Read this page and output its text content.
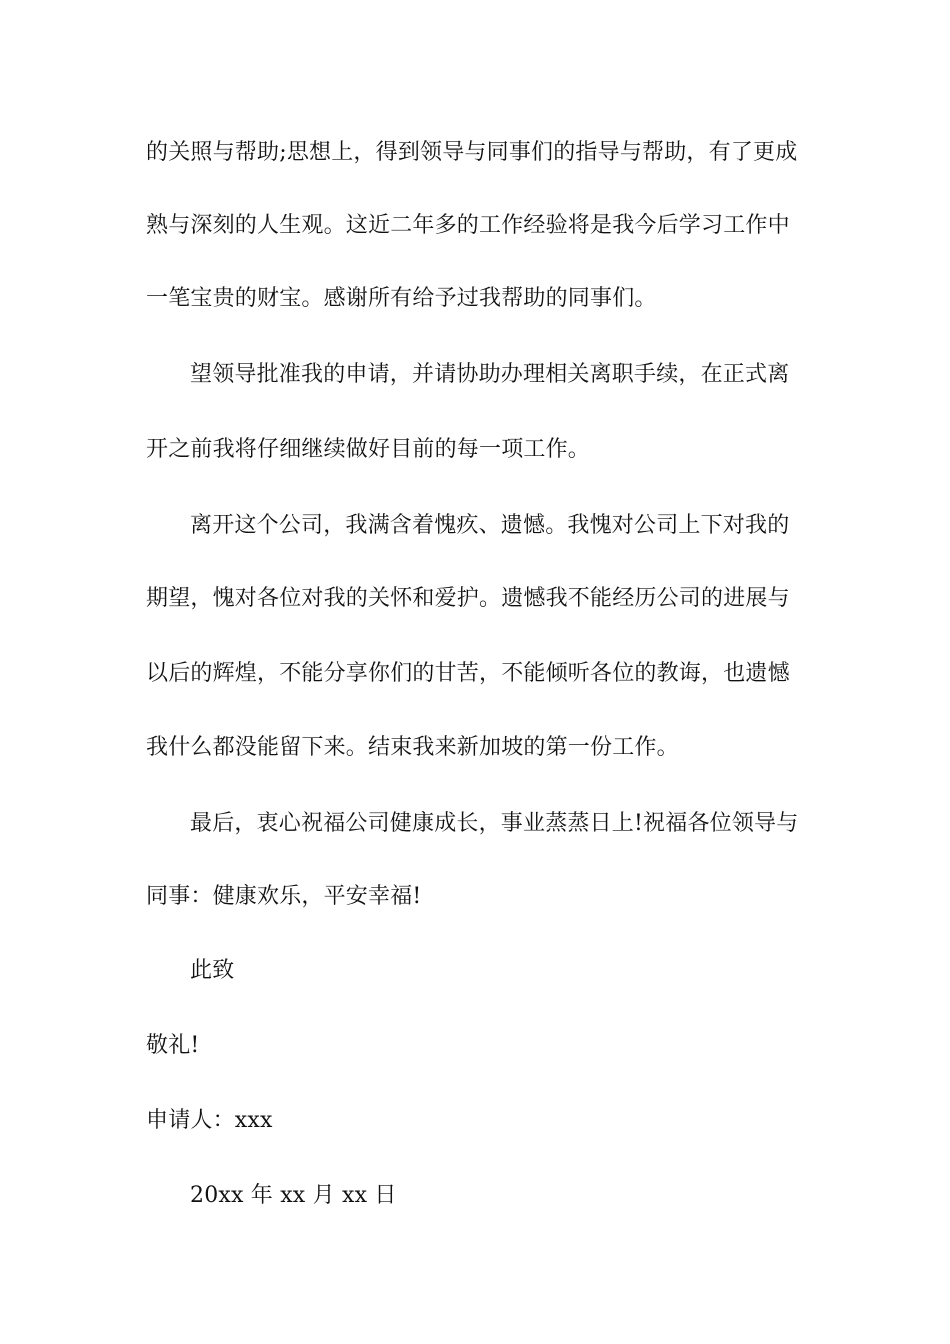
的关照与帮助;思想上，得到领导与同事们的指导与帮助，有了更成
熟与深刻的人生观。这近二年多的工作经验将是我今后学习工作中
一笔宝贵的财宝。感谢所有给予过我帮助的同事们。
望领导批准我的申请，并请协助办理相关离职手续，在正式离
开之前我将仔细继续做好目前的每一项工作。
离开这个公司，我满含着愧疚、遗憾。我愧对公司上下对我的
期望，愧对各位对我的关怀和爱护。遗憾我不能经历公司的进展与
以后的辉煌，不能分享你们的甘苦，不能倾听各位的教诲，也遗憾
我什么都没能留下来。结束我来新加坡的第一份工作。
最后，衷心祝福公司健康成长，事业蒸蒸日上!祝福各位领导与
同事：健康欢乐，平安幸福!
此致
敬礼!
申请人：xxx
20xx 年 xx 月 xx 日
